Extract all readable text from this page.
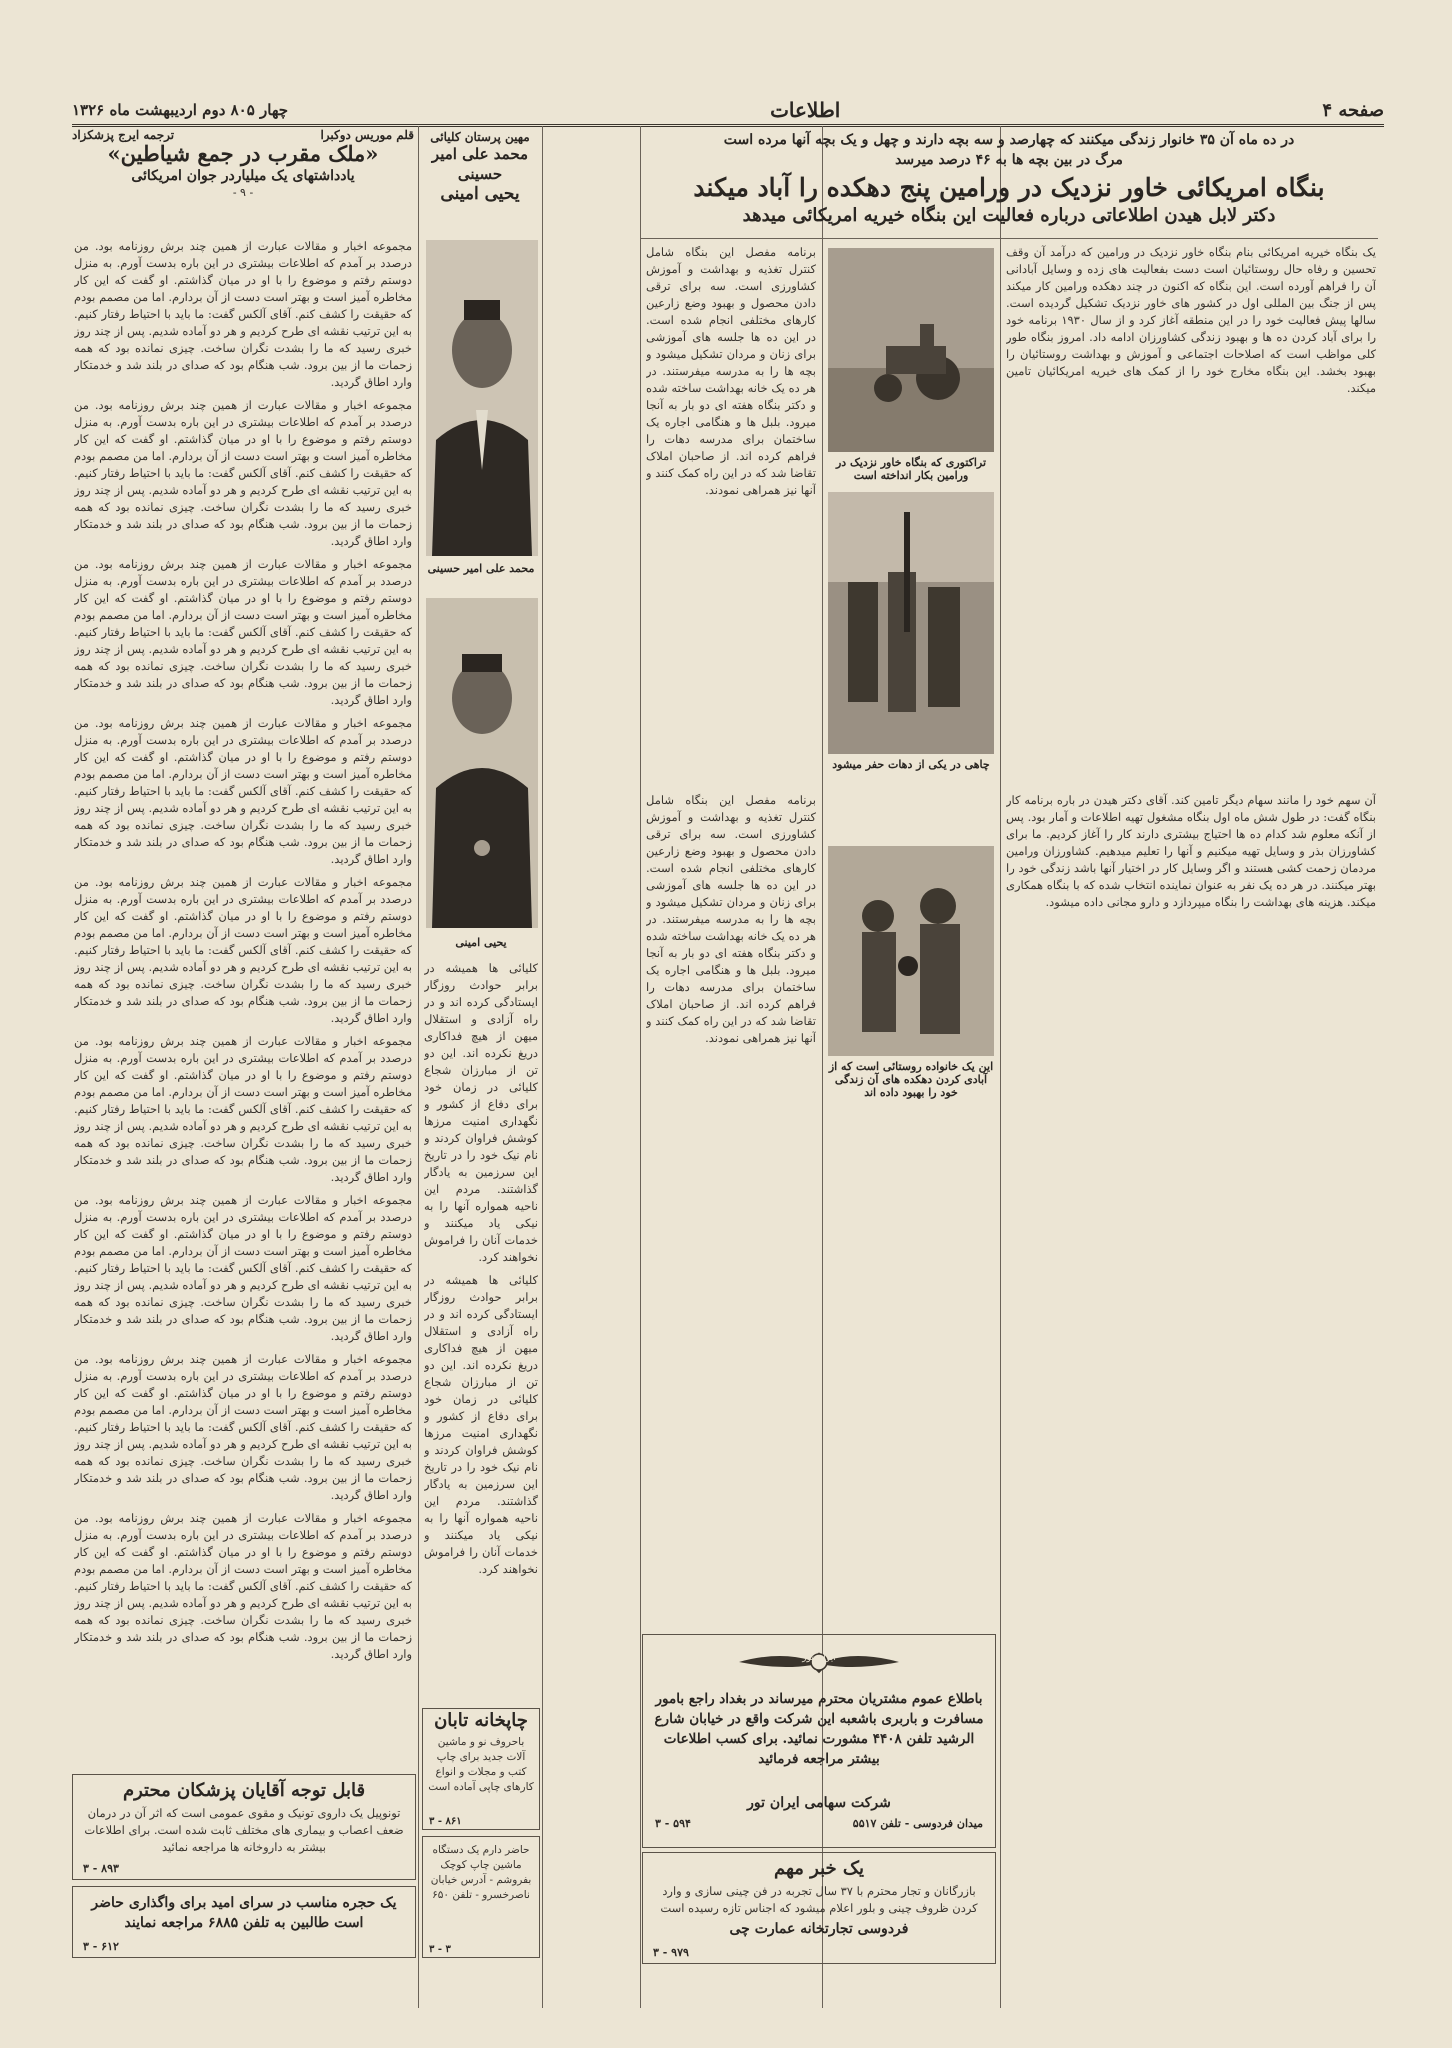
صفحه ۴
اطلاعات
چهار ۸۰۵ دوم اردیبهشت ماه ۱۳۲۶
در ده ماه آن ۳۵ خانوار زندگی میکنند که چهارصد و سه بچه دارند و چهل و یک بچه آنها مرده است
مرگ در بین بچه ها به ۴۶ درصد میرسد
بنگاه امریکائی خاور نزدیک در ورامین پنج دهکده را آباد میکند
دکتر لابل هیدن اطلاعاتی درباره فعالیت این بنگاه خیریه امریکائی میدهد

یک بنگاه خیریه امریکائی بنام بنگاه خاور نزدیک در ورامین که درآمد آن وقف تحسین و رفاه حال روستائیان است دست بفعالیت های زده و وسایل آبادانی آن را فراهم آورده است. این بنگاه که اکنون در چند دهکده ورامین کار میکند پس از جنگ بین المللی اول در کشور های خاور نزدیک تشکیل گردیده است. سالها پیش فعالیت خود را در این منطقه آغاز کرد و از سال ۱۹۳۰ برنامه خود را برای آباد کردن ده ها و بهبود زندگی کشاورزان ادامه داد. امروز بنگاه طور کلی مواظب است که اصلاحات اجتماعی و آموزش و بهداشت روستائیان را بهبود بخشد. این بنگاه مخارج خود را از کمک های خیریه امریکائیان تامین میکند.

تراکتوری که بنگاه خاور نزدیک در ورامین بکار انداخته است
چاهی در یکی از دهات حفر میشود

برنامه مفصل این بنگاه شامل کنترل تغذیه و بهداشت و آموزش کشاورزی است. سه برای ترقی دادن محصول و بهبود وضع زارعین کارهای مختلفی انجام شده است. در این ده ها جلسه های آموزشی برای زنان و مردان تشکیل میشود و بچه ها را به مدرسه میفرستند. در هر ده یک خانه بهداشت ساخته شده و دکتر بنگاه هفته ای دو بار به آنجا میرود. بلبل ها و هنگامی اجاره یک ساختمان برای مدرسه دهات را فراهم کرده اند. از صاحبان املاک تقاضا شد که در این راه کمک کنند و آنها نیز همراهی نمودند.

آن سهم خود را مانند سهام دیگر تامین کند. آقای دکتر هیدن در باره برنامه کار بنگاه گفت: در طول شش ماه اول بنگاه مشغول تهیه اطلاعات و آمار بود. پس از آنکه معلوم شد کدام ده ها احتیاج بیشتری دارند کار را آغاز کردیم. ما برای کشاورزان بذر و وسایل تهیه میکنیم و آنها را تعلیم میدهیم. کشاورزان ورامین مردمان زحمت کشی هستند و اگر وسایل کار در اختیار آنها باشد زندگی خود را بهتر میکنند. در هر ده یک نفر به عنوان نماینده انتخاب شده که با بنگاه همکاری میکند. هزینه های بهداشت را بنگاه میپردازد و دارو مجانی داده میشود.

این یک خانواده روستائی است که از آبادی کردن دهکده های آن زندگی خود را بهبود داده اند

برنامه مفصل این بنگاه شامل کنترل تغذیه و بهداشت و آموزش کشاورزی است. سه برای ترقی دادن محصول و بهبود وضع زارعین کارهای مختلفی انجام شده است. در این ده ها جلسه های آموزشی برای زنان و مردان تشکیل میشود و بچه ها را به مدرسه میفرستند. در هر ده یک خانه بهداشت ساخته شده و دکتر بنگاه هفته ای دو بار به آنجا میرود. بلبل ها و هنگامی اجاره یک ساختمان برای مدرسه دهات را فراهم کرده اند. از صاحبان املاک تقاضا شد که در این راه کمک کنند و آنها نیز همراهی نمودند.

ایران تور
باطلاع عموم مشتریان محترم میرساند در بغداد راجع بامور مسافرت و باربری باشعبه این شرکت واقع در خیابان شارع الرشید تلفن ۴۴۰۸ مشورت نمائید. برای کسب اطلاعات بیشتر مراجعه فرمائید
شرکت سهامی ایران تور
میدان فردوسی - تلفن ۵۵۱۷
۵۹۴ - ۳
یک خبر مهم
بازرگانان و تجار محترم با ۳۷ سال تجربه در فن چینی سازی و وارد کردن ظروف چینی و بلور اعلام میشود که اجناس تازه رسیده است
فردوسی تجارتخانه عمارت چی
۹۷۹ - ۳
مهین پرستان کلیائی
محمد علی امیر حسینی
یحیی امینی
محمد علی امیر حسینی
یحیی امینی

کلیائی ها همیشه در برابر حوادث روزگار ایستادگی کرده اند و در راه آزادی و استقلال میهن از هیچ فداکاری دریغ نکرده اند. این دو تن از مبارزان شجاع کلیائی در زمان خود برای دفاع از کشور و نگهداری امنیت مرزها کوشش فراوان کردند و نام نیک خود را در تاریخ این سرزمین به یادگار گذاشتند. مردم این ناحیه همواره آنها را به نیکی یاد میکنند و خدمات آنان را فراموش نخواهند کرد.

کلیائی ها همیشه در برابر حوادث روزگار ایستادگی کرده اند و در راه آزادی و استقلال میهن از هیچ فداکاری دریغ نکرده اند. این دو تن از مبارزان شجاع کلیائی در زمان خود برای دفاع از کشور و نگهداری امنیت مرزها کوشش فراوان کردند و نام نیک خود را در تاریخ این سرزمین به یادگار گذاشتند. مردم این ناحیه همواره آنها را به نیکی یاد میکنند و خدمات آنان را فراموش نخواهند کرد.

چاپخانه تابان
باحروف نو و ماشین آلات جدید برای چاپ کتب و مجلات و انواع کارهای چاپی آماده است
۸۶۱ - ۳
حاضر دارم یک دستگاه ماشین چاپ کوچک بفروشم - آدرس خیابان ناصرخسرو - تلفن ۶۵۰
۳ - ۳
قلم موریس دوکبرا
ترجمه ایرج پزشکزاد
«ملک مقرب در جمع شیاطین»
یادداشتهای یک میلیاردر جوان امریکائی
- ۹ -

مجموعه اخبار و مقالات عبارت از همین چند برش روزنامه بود. من درصدد بر آمدم که اطلاعات بیشتری در این باره بدست آورم. به منزل دوستم رفتم و موضوع را با او در میان گذاشتم. او گفت که این کار مخاطره آمیز است و بهتر است دست از آن بردارم. اما من مصمم بودم که حقیقت را کشف کنم. آقای آلکس گفت: ما باید با احتیاط رفتار کنیم. به این ترتیب نقشه ای طرح کردیم و هر دو آماده شدیم. پس از چند روز خبری رسید که ما را بشدت نگران ساخت. چیزی نمانده بود که همه زحمات ما از بین برود. شب هنگام بود که صدای در بلند شد و خدمتکار وارد اطاق گردید.

مجموعه اخبار و مقالات عبارت از همین چند برش روزنامه بود. من درصدد بر آمدم که اطلاعات بیشتری در این باره بدست آورم. به منزل دوستم رفتم و موضوع را با او در میان گذاشتم. او گفت که این کار مخاطره آمیز است و بهتر است دست از آن بردارم. اما من مصمم بودم که حقیقت را کشف کنم. آقای آلکس گفت: ما باید با احتیاط رفتار کنیم. به این ترتیب نقشه ای طرح کردیم و هر دو آماده شدیم. پس از چند روز خبری رسید که ما را بشدت نگران ساخت. چیزی نمانده بود که همه زحمات ما از بین برود. شب هنگام بود که صدای در بلند شد و خدمتکار وارد اطاق گردید.

مجموعه اخبار و مقالات عبارت از همین چند برش روزنامه بود. من درصدد بر آمدم که اطلاعات بیشتری در این باره بدست آورم. به منزل دوستم رفتم و موضوع را با او در میان گذاشتم. او گفت که این کار مخاطره آمیز است و بهتر است دست از آن بردارم. اما من مصمم بودم که حقیقت را کشف کنم. آقای آلکس گفت: ما باید با احتیاط رفتار کنیم. به این ترتیب نقشه ای طرح کردیم و هر دو آماده شدیم. پس از چند روز خبری رسید که ما را بشدت نگران ساخت. چیزی نمانده بود که همه زحمات ما از بین برود. شب هنگام بود که صدای در بلند شد و خدمتکار وارد اطاق گردید.

مجموعه اخبار و مقالات عبارت از همین چند برش روزنامه بود. من درصدد بر آمدم که اطلاعات بیشتری در این باره بدست آورم. به منزل دوستم رفتم و موضوع را با او در میان گذاشتم. او گفت که این کار مخاطره آمیز است و بهتر است دست از آن بردارم. اما من مصمم بودم که حقیقت را کشف کنم. آقای آلکس گفت: ما باید با احتیاط رفتار کنیم. به این ترتیب نقشه ای طرح کردیم و هر دو آماده شدیم. پس از چند روز خبری رسید که ما را بشدت نگران ساخت. چیزی نمانده بود که همه زحمات ما از بین برود. شب هنگام بود که صدای در بلند شد و خدمتکار وارد اطاق گردید.

مجموعه اخبار و مقالات عبارت از همین چند برش روزنامه بود. من درصدد بر آمدم که اطلاعات بیشتری در این باره بدست آورم. به منزل دوستم رفتم و موضوع را با او در میان گذاشتم. او گفت که این کار مخاطره آمیز است و بهتر است دست از آن بردارم. اما من مصمم بودم که حقیقت را کشف کنم. آقای آلکس گفت: ما باید با احتیاط رفتار کنیم. به این ترتیب نقشه ای طرح کردیم و هر دو آماده شدیم. پس از چند روز خبری رسید که ما را بشدت نگران ساخت. چیزی نمانده بود که همه زحمات ما از بین برود. شب هنگام بود که صدای در بلند شد و خدمتکار وارد اطاق گردید.

مجموعه اخبار و مقالات عبارت از همین چند برش روزنامه بود. من درصدد بر آمدم که اطلاعات بیشتری در این باره بدست آورم. به منزل دوستم رفتم و موضوع را با او در میان گذاشتم. او گفت که این کار مخاطره آمیز است و بهتر است دست از آن بردارم. اما من مصمم بودم که حقیقت را کشف کنم. آقای آلکس گفت: ما باید با احتیاط رفتار کنیم. به این ترتیب نقشه ای طرح کردیم و هر دو آماده شدیم. پس از چند روز خبری رسید که ما را بشدت نگران ساخت. چیزی نمانده بود که همه زحمات ما از بین برود. شب هنگام بود که صدای در بلند شد و خدمتکار وارد اطاق گردید.

مجموعه اخبار و مقالات عبارت از همین چند برش روزنامه بود. من درصدد بر آمدم که اطلاعات بیشتری در این باره بدست آورم. به منزل دوستم رفتم و موضوع را با او در میان گذاشتم. او گفت که این کار مخاطره آمیز است و بهتر است دست از آن بردارم. اما من مصمم بودم که حقیقت را کشف کنم. آقای آلکس گفت: ما باید با احتیاط رفتار کنیم. به این ترتیب نقشه ای طرح کردیم و هر دو آماده شدیم. پس از چند روز خبری رسید که ما را بشدت نگران ساخت. چیزی نمانده بود که همه زحمات ما از بین برود. شب هنگام بود که صدای در بلند شد و خدمتکار وارد اطاق گردید.

مجموعه اخبار و مقالات عبارت از همین چند برش روزنامه بود. من درصدد بر آمدم که اطلاعات بیشتری در این باره بدست آورم. به منزل دوستم رفتم و موضوع را با او در میان گذاشتم. او گفت که این کار مخاطره آمیز است و بهتر است دست از آن بردارم. اما من مصمم بودم که حقیقت را کشف کنم. آقای آلکس گفت: ما باید با احتیاط رفتار کنیم. به این ترتیب نقشه ای طرح کردیم و هر دو آماده شدیم. پس از چند روز خبری رسید که ما را بشدت نگران ساخت. چیزی نمانده بود که همه زحمات ما از بین برود. شب هنگام بود که صدای در بلند شد و خدمتکار وارد اطاق گردید.

مجموعه اخبار و مقالات عبارت از همین چند برش روزنامه بود. من درصدد بر آمدم که اطلاعات بیشتری در این باره بدست آورم. به منزل دوستم رفتم و موضوع را با او در میان گذاشتم. او گفت که این کار مخاطره آمیز است و بهتر است دست از آن بردارم. اما من مصمم بودم که حقیقت را کشف کنم. آقای آلکس گفت: ما باید با احتیاط رفتار کنیم. به این ترتیب نقشه ای طرح کردیم و هر دو آماده شدیم. پس از چند روز خبری رسید که ما را بشدت نگران ساخت. چیزی نمانده بود که همه زحمات ما از بین برود. شب هنگام بود که صدای در بلند شد و خدمتکار وارد اطاق گردید.

قابل توجه آقایان پزشکان محترم
تونوپیل یک داروی تونیک و مقوی عمومی است که اثر آن در درمان ضعف اعصاب و بیماری های مختلف ثابت شده است. برای اطلاعات بیشتر به داروخانه ها مراجعه نمائید
۸۹۳ - ۳
یک حجره مناسب در سرای امید برای واگذاری حاضر است طالبین به تلفن ۶۸۸۵ مراجعه نمایند
۶۱۲ - ۳
